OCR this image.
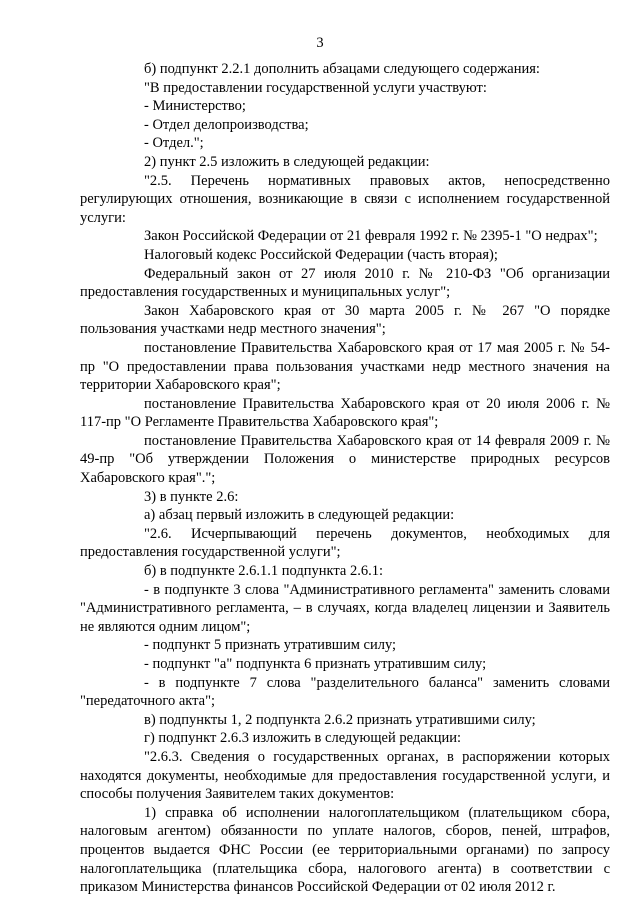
3

б) подпункт 2.2.1 дополнить абзацами следующего содержания:

"В предоставлении государственной услуги участвуют:

- Министерство;

- Отдел делопроизводства;

- Отдел.";

2) пункт 2.5 изложить в следующей редакции:

"2.5. Перечень нормативных правовых актов, непосредственно регулирующих отношения, возникающие в связи с исполнением государственной услуги:

Закон Российской Федерации от 21 февраля 1992 г. № 2395-1 "О недрах";

Налоговый кодекс Российской Федерации (часть вторая);

Федеральный закон от 27 июля 2010 г. № 210-ФЗ "Об организации предоставления государственных и муниципальных услуг";

Закон Хабаровского края от 30 марта 2005 г. № 267 "О порядке пользования участками недр местного значения";

постановление Правительства Хабаровского края от 17 мая 2005 г. № 54-пр "О предоставлении права пользования участками недр местного значения на территории Хабаровского края";

постановление Правительства Хабаровского края от 20 июля 2006 г. № 117-пр "О Регламенте Правительства Хабаровского края";

постановление Правительства Хабаровского края от 14 февраля 2009 г. № 49-пр "Об утверждении Положения о министерстве природных ресурсов Хабаровского края".";

3) в пункте 2.6:

а) абзац первый изложить в следующей редакции:

"2.6. Исчерпывающий перечень документов, необходимых для предоставления государственной услуги";

б) в подпункте 2.6.1.1 подпункта 2.6.1:

- в подпункте 3 слова "Административного регламента" заменить словами "Административного регламента, – в случаях, когда владелец лицензии и Заявитель не являются одним лицом";

- подпункт 5 признать утратившим силу;

- подпункт "а" подпункта 6 признать утратившим силу;

- в подпункте 7 слова "разделительного баланса" заменить словами "передаточного акта";

в) подпункты 1, 2 подпункта 2.6.2 признать утратившими силу;

г) подпункт 2.6.3 изложить в следующей редакции:

"2.6.3. Сведения о государственных органах, в распоряжении которых находятся документы, необходимые для предоставления государственной услуги, и способы получения Заявителем таких документов:

1) справка об исполнении налогоплательщиком (плательщиком сбора, налоговым агентом) обязанности по уплате налогов, сборов, пеней, штрафов, процентов выдается ФНС России (ее территориальными органами) по запросу налогоплательщика (плательщика сбора, налогового агента) в соответствии с приказом Министерства финансов Российской Федерации от 02 июля 2012 г.
